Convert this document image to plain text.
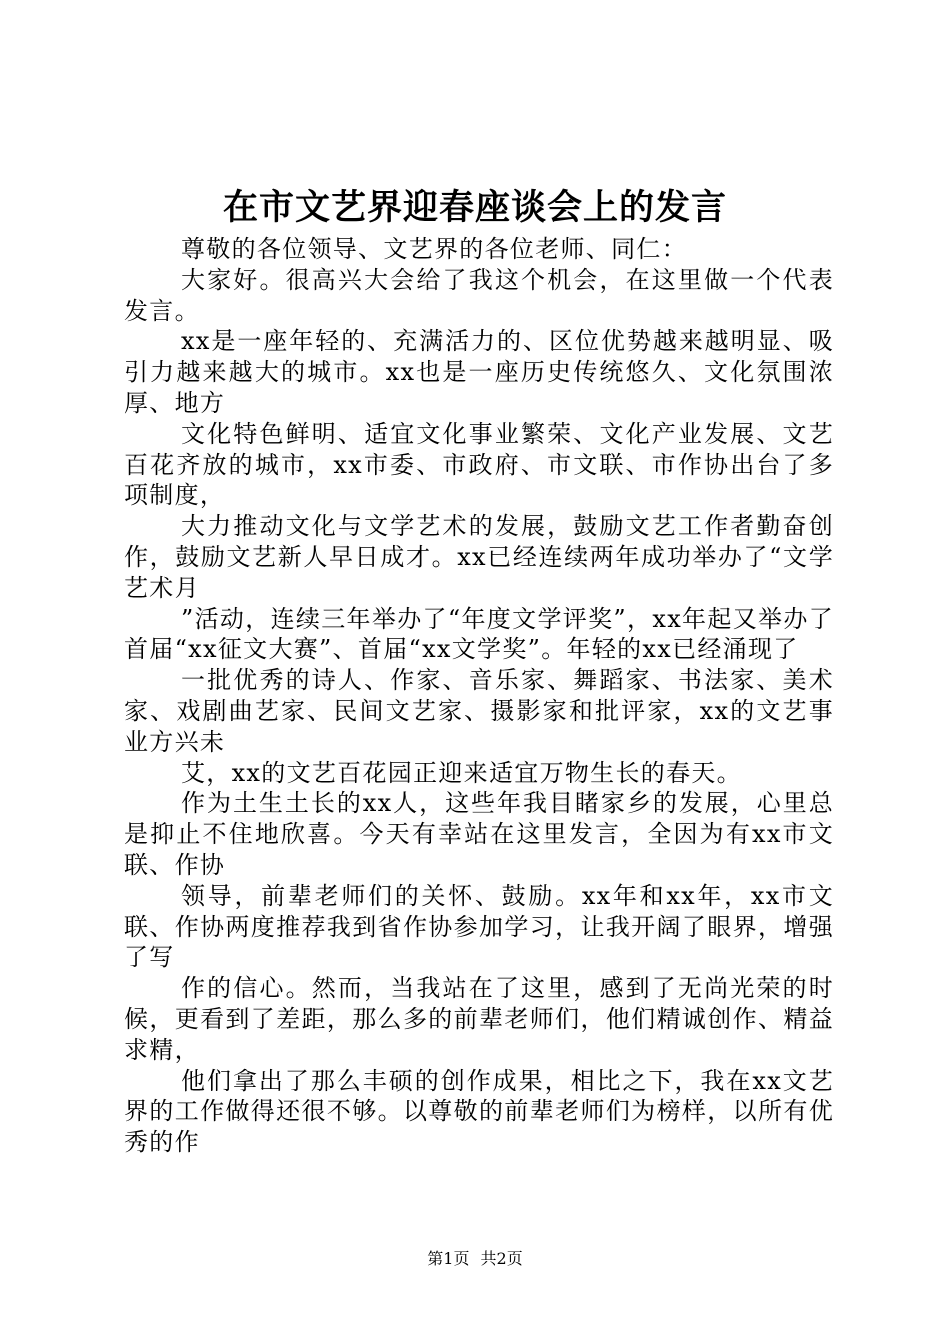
在市文艺界迎春座谈会上的发言

尊敬的各位领导、文艺界的各位老师、同仁：

大家好。很高兴大会给了我这个机会，在这里做一个代表发言。

xx是一座年轻的、充满活力的、区位优势越来越明显、吸引力越来越大的城市。xx也是一座历史传统悠久、文化氛围浓厚、地方

文化特色鲜明、适宜文化事业繁荣、文化产业发展、文艺百花齐放的城市，xx市委、市政府、市文联、市作协出台了多项制度，

大力推动文化与文学艺术的发展，鼓励文艺工作者勤奋创作，鼓励文艺新人早日成才。xx已经连续两年成功举办了“文学艺术月

”活动，连续三年举办了“年度文学评奖”，xx年起又举办了首届“xx征文大赛”、首届“xx文学奖”。年轻的xx已经涌现了

一批优秀的诗人、作家、音乐家、舞蹈家、书法家、美术家、戏剧曲艺家、民间文艺家、摄影家和批评家，xx的文艺事业方兴未

艾，xx的文艺百花园正迎来适宜万物生长的春天。

作为土生土长的xx人，这些年我目睹家乡的发展，心里总是抑止不住地欣喜。今天有幸站在这里发言，全因为有xx市文联、作协

领导，前辈老师们的关怀、鼓励。xx年和xx年，xx市文联、作协两度推荐我到省作协参加学习，让我开阔了眼界，增强了写

作的信心。然而，当我站在了这里，感到了无尚光荣的时候，更看到了差距，那么多的前辈老师们，他们精诚创作、精益求精，

他们拿出了那么丰硕的创作成果，相比之下，我在xx文艺界的工作做得还很不够。以尊敬的前辈老师们为榜样，以所有优秀的作

第1页 共2页
